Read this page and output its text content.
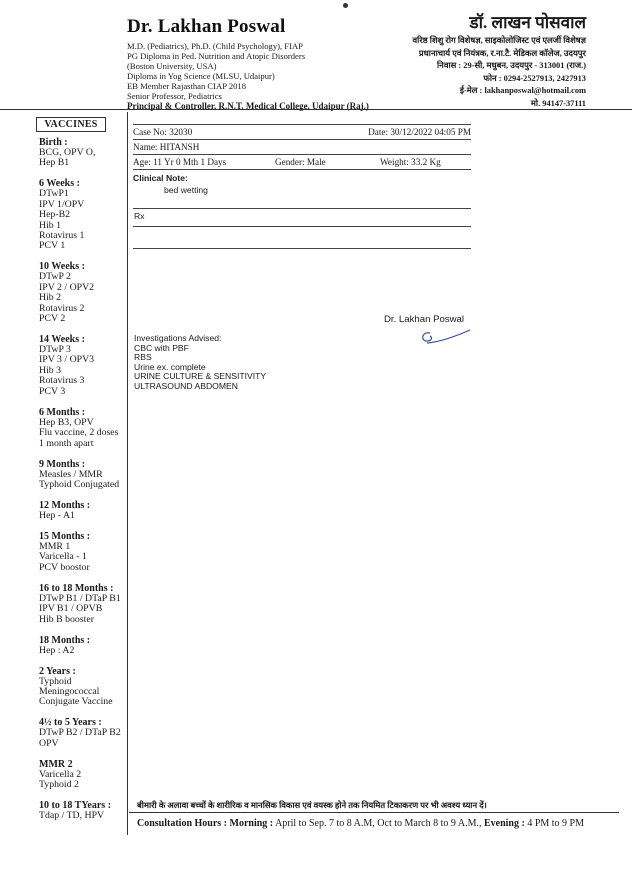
Dr. Lakhan Poswal
M.D. (Pediatrics), Ph.D. (Child Psychology), FIAP
PG Diploma in Ped. Nutrition and Atopic Disorders
(Boston University, USA)
Diploma in Yog Science (MLSU, Udaipur)
EB Member Rajasthan CIAP 2018
Senior Professor, Pediatrics
Principal & Controller, R.N.T. Medical College, Udaipur (Raj.)
डॉ. लाखन पोसवाल
वरिष्ठ शिशु रोग विशेषज्ञ, साइकोलोजिस्ट एवं एलर्जी विशेषज्ञ
प्रधानाचार्य एवं नियंत्रक, र.ना.टै. मेडिकल कॉलेज, उदयपुर
निवास : 29-सी, मधुबन, उदयपुर - 313001 (राज.)
फोन : 0294-2527913, 2427913
ई-मेल : lakhanposwal@hotmail.com
मो. 94147-37111
VACCINES
Birth :
BCG, OPV O,
Hep B1
6 Weeks :
DTwP1
IPV 1/OPV
Hep-B2
Hib 1
Rotavirus 1
PCV 1
10 Weeks :
DTwP 2
IPV 2 / OPV2
Hib 2
Rotavirus 2
PCV 2
14 Weeks :
DTwP 3
IPV 3 / OPV3
Hib 3
Rotavirus 3
PCV 3
6 Months :
Hep B3, OPV
Flu vaccine, 2 doses
1 month apart
9 Months :
Measles / MMR
Typhoid Conjugated
12 Months :
Hep - A1
15 Months :
MMR 1
Varicella - 1
PCV boostor
16 to 18 Months :
DTwP B1 / DTaP B1
IPV B1 / OPVB
Hib B booster
18 Months :
Hep : A2
2 Years :
Typhoid
Meningococcal
Conjugate Vaccine
4½ to 5 Years :
DTwP B2 / DTaP B2
OPV
MMR 2
Varicella 2
Typhoid 2
10 to 18 TYears :
Tdap / TD, HPV
Case No: 32030	Date: 30/12/2022 04:05 PM
Name: HITANSH
Age: 11 Yr 0 Mth 1 Days	Gender: Male	Weight: 33.2 Kg
Clinical Note:
bed wetting
Rx
Dr. Lakhan Poswal
Investigations Advised:
CBC with PBF
RBS
Urine ex. complete
URINE CULTURE & SENSITIVITY
ULTRASOUND ABDOMEN
बीमारी के अलावा बच्चों के शारीरिक व मानसिक विकास एवं वयस्क होने तक नियमित टिकाकरण पर भी अवश्य ध्यान दें।
Consultation Hours : Morning : April to Sep. 7 to 8 A.M, Oct to March 8 to 9 A.M., Evening : 4 PM to 9 PM
